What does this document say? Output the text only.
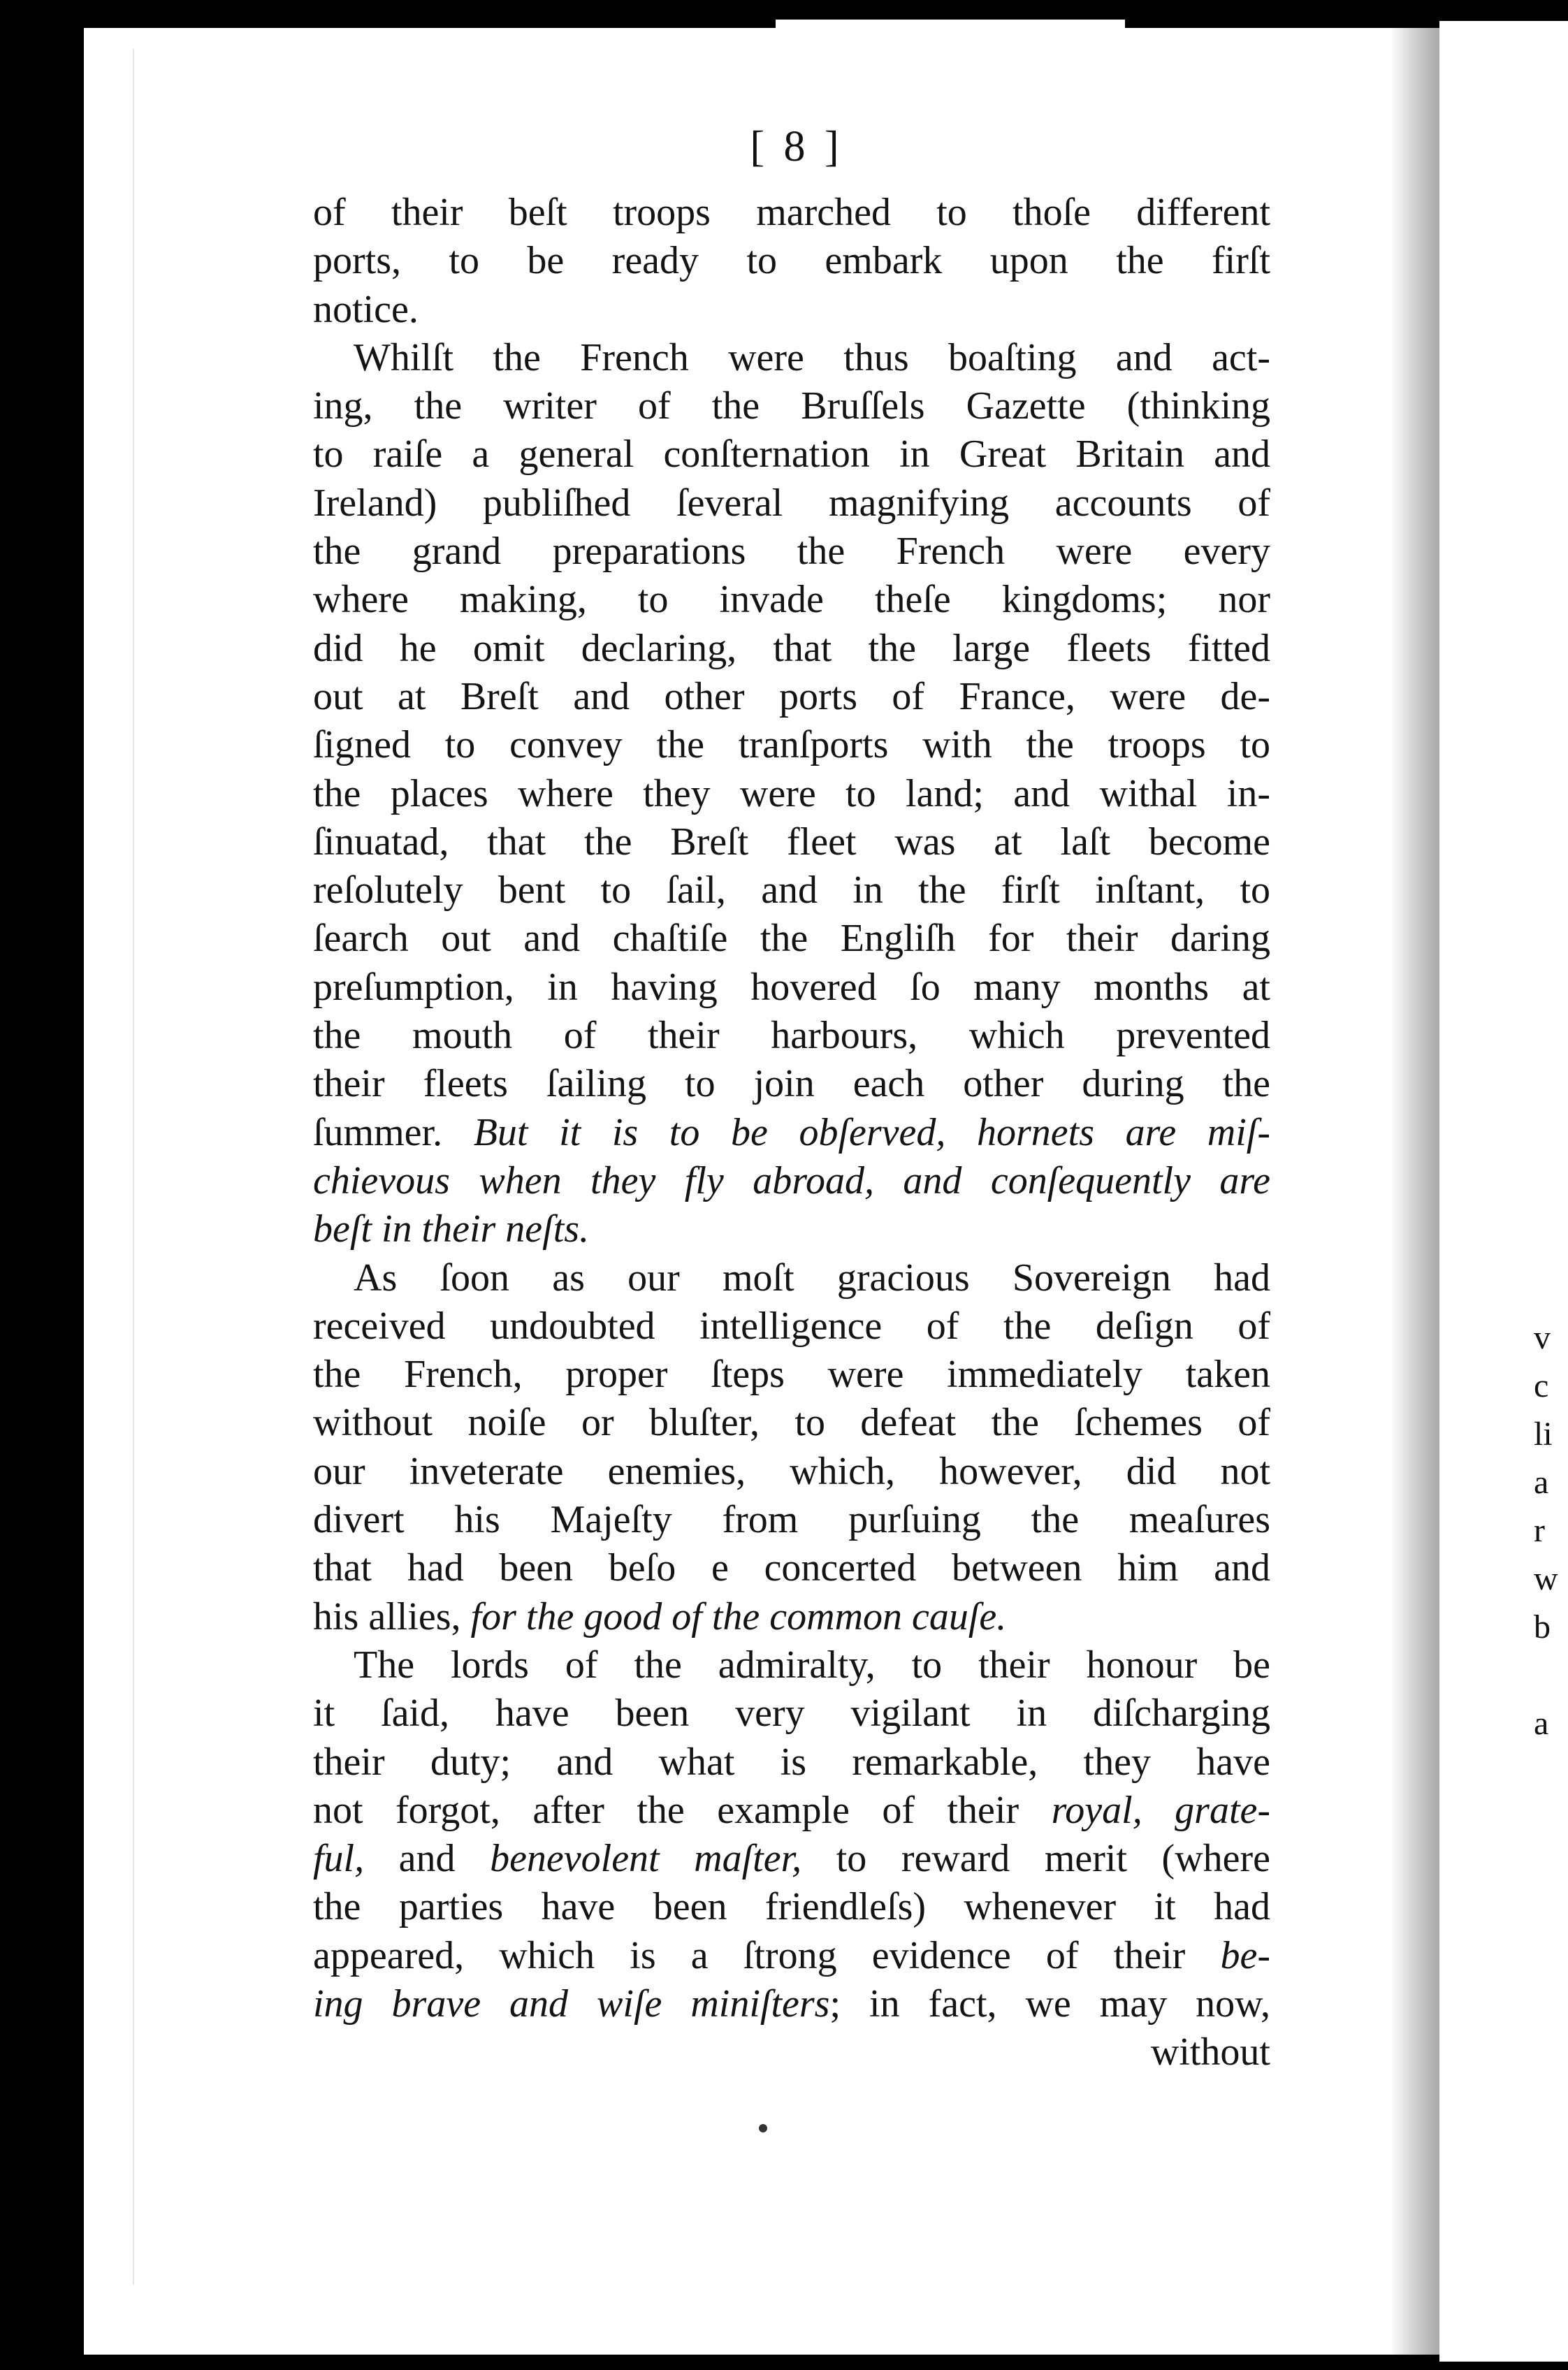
v
c
li
a
r
w
b

a
[ 8 ]
of their beſt troops marched to thoſe different
ports, to be ready to embark upon the firſt
notice.
Whilſt the French were thus boaſting and act-
ing, the writer of the Bruſſels Gazette (thinking
to raiſe a general conſternation in Great Britain and
Ireland) publiſhed ſeveral magnifying accounts of
the grand preparations the French were every
where making, to invade theſe kingdoms; nor
did he omit declaring, that the large fleets fitted
out at Breſt and other ports of France, were de-
ſigned to convey the tranſports with the troops to
the places where they were to land; and withal in-
ſinuatad, that the Breſt fleet was at laſt become
reſolutely bent to ſail, and in the firſt inſtant, to
ſearch out and chaſtiſe the Engliſh for their daring
preſumption, in having hovered ſo many months at
the mouth of their harbours, which prevented
their fleets ſailing to join each other during the
ſummer. But it is to be obſerved, hornets are miſ-
chievous when they fly abroad, and conſequently are
beſt in their neſts.
As ſoon as our moſt gracious Sovereign had
received undoubted intelligence of the deſign of
the French, proper ſteps were immediately taken
without noiſe or bluſter, to defeat the ſchemes of
our inveterate enemies, which, however, did not
divert his Majeſty from purſuing the meaſures
that had been beſo e concerted between him and
his allies, for the good of the common cauſe.
The lords of the admiralty, to their honour be
it ſaid, have been very vigilant in diſcharging
their duty; and what is remarkable, they have
not forgot, after the example of their royal, grate-
ful, and benevolent maſter, to reward merit (where
the parties have been friendleſs) whenever it had
appeared, which is a ſtrong evidence of their be-
ing brave and wiſe miniſters; in fact, we may now,
without
